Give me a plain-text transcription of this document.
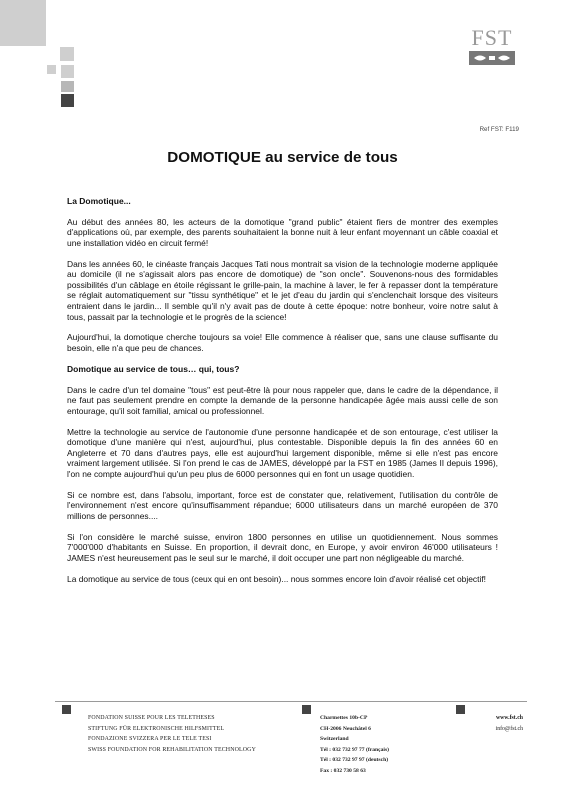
FST
Ref FST: F119
DOMOTIQUE au service de tous
La Domotique...

Au début des années 80, les acteurs de la domotique "grand public" étaient fiers de montrer des exemples d'applications où, par exemple, des parents souhaitaient la bonne nuit à leur enfant moyennant un câble coaxial et une installation vidéo en circuit fermé!

Dans les années 60, le cinéaste français Jacques Tati nous montrait sa vision de la technologie moderne appliquée au domicile (il ne s'agissait alors pas encore de domotique) de "son oncle". Souvenons-nous des formidables possibilités d'un câblage en étoile régissant le grille-pain, la machine à laver, le fer à repasser dont la température se réglait automatiquement sur "tissu synthétique" et le jet d'eau du jardin qui s'enclenchait lorsque des visiteurs entraient dans le jardin... Il semble qu'il n'y avait pas de doute à cette époque: notre bonheur, voire notre salut à tous, passait par la technologie et le progrès de la science!

Aujourd'hui, la domotique cherche toujours sa voie! Elle commence à réaliser que, sans une clause suffisante du besoin, elle n'a que peu de chances.

Domotique au service de tous… qui, tous?

Dans le cadre d'un tel domaine "tous" est peut-être là pour nous rappeler que, dans le cadre de la dépendance, il ne faut pas seulement prendre en compte la demande de la personne handicapée âgée mais aussi celle de son entourage, qu'il soit familial, amical ou professionnel.

Mettre la technologie au service de l'autonomie d'une personne handicapée et de son entourage, c'est utiliser la domotique d'une manière qui n'est, aujourd'hui, plus contestable. Disponible depuis la fin des années 60 en Angleterre et 70 dans d'autres pays, elle est aujourd'hui largement disponible, même si elle n'est pas encore vraiment largement utilisée. Si l'on prend le cas de JAMES, développé par la FST en 1985 (James II depuis 1996), l'on ne compte aujourd'hui qu'un peu plus de 6000 personnes qui en font un usage quotidien.

Si ce nombre est, dans l'absolu, important, force est de constater que, relativement, l'utilisation du contrôle de l'environnement n'est encore qu'insuffisamment répandue; 6000 utilisateurs dans un marché européen de 370 millions de personnes....

Si l'on considère le marché suisse, environ 1800 personnes en utilise un quotidiennement. Nous sommes 7'000'000 d'habitants en Suisse. En proportion, il devrait donc, en Europe, y avoir environ 46'000 utilisateurs ! JAMES n'est heureusement pas le seul sur le marché, il doit occuper une part non négligeable du marché.

La domotique au service de tous (ceux qui en ont besoin)... nous sommes encore loin d'avoir réalisé cet objectif!

FONDATION SUISSE POUR LES TELETHESES
STIFTUNG FÜR ELEKTRONISCHE HILFSMITTEL
FONDAZIONE SVIZZERA PER LE TELE TESI
SWISS FOUNDATION FOR REHABILITATION TECHNOLOGY
Charmettes 10b-CP
CH-2006 Neuchâtel 6
Switzerland
Tél : 032 732 97 77 (français)
Tél : 032 732 97 97 (deutsch)
Fax : 032 730 58 63
www.fst.ch
info@fst.ch
